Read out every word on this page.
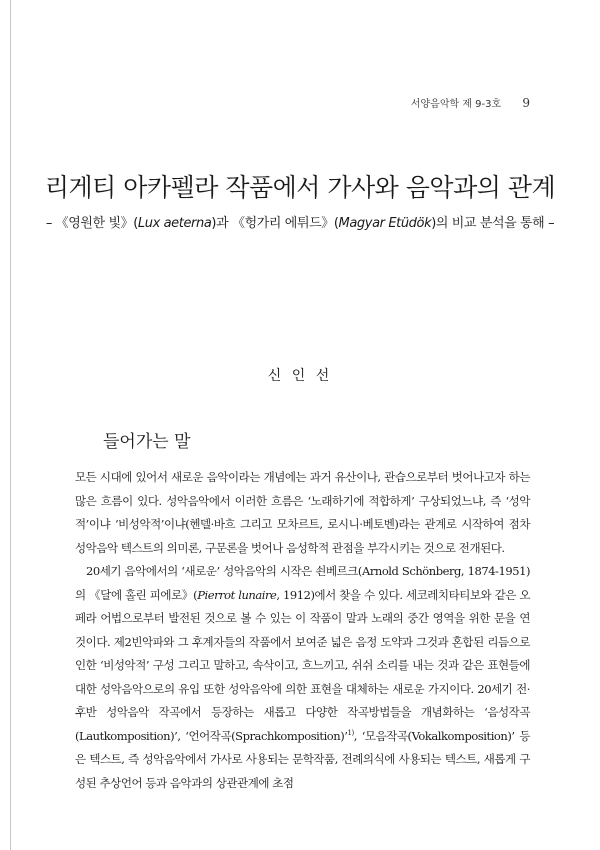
서양음악학 제 9-3호 9
리게티 아카펠라 작품에서 가사와 음악과의 관계
– 《영원한 빛》(Lux aeterna)과 《헝가리 에튀드》(Magyar Etüdök)의 비교 분석을 통해 –
신 인 선
들어가는 말

모든 시대에 있어서 새로운 음악이라는 개념에는 과거 유산이나, 관습으로부터 벗어나고자 하는 많은 흐름이 있다. 성악음악에서 이러한 흐름은 ‘노래하기에 적합하게’ 구상되었느냐, 즉 ‘성악적’이냐 ‘비성악적’이냐(헨델·바흐 그리고 모차르트, 로시니·베토벤)라는 관계로 시작하여 점차 성악음악 텍스트의 의미론, 구문론을 벗어나 음성학적 관점을 부각시키는 것으로 전개된다.

20세기 음악에서의 ‘새로운’ 성악음악의 시작은 쇤베르크(Arnold Schönberg, 1874-1951)의 《달에 홀린 피에로》(Pierrot lunaire, 1912)에서 찾을 수 있다. 세코레치타티보와 같은 오페라 어법으로부터 발전된 것으로 볼 수 있는 이 작품이 말과 노래의 중간 영역을 위한 문을 연 것이다. 제2빈악파와 그 후계자들의 작품에서 보여준 넓은 음정 도약과 그것과 혼합된 리듬으로 인한 ‘비성악적’ 구성 그리고 말하고, 속삭이고, 흐느끼고, 쉬쉬 소리를 내는 것과 같은 표현들에 대한 성악음악으로의 유입 또한 성악음악에 의한 표현을 대체하는 새로운 가지이다. 20세기 전·후반 성악음악 작곡에서 등장하는 새롭고 다양한 작곡방법들을 개념화하는 ‘음성작곡(Lautkomposition)’, ‘언어작곡(Sprachkomposition)’$^{1)}$, ‘모음작곡(Vokalkomposition)’ 등은 텍스트, 즉 성악음악에서 가사로 사용되는 문학작품, 전례의식에 사용되는 텍스트, 새롭게 구성된 추상언어 등과 음악과의 상관관계에 초점
